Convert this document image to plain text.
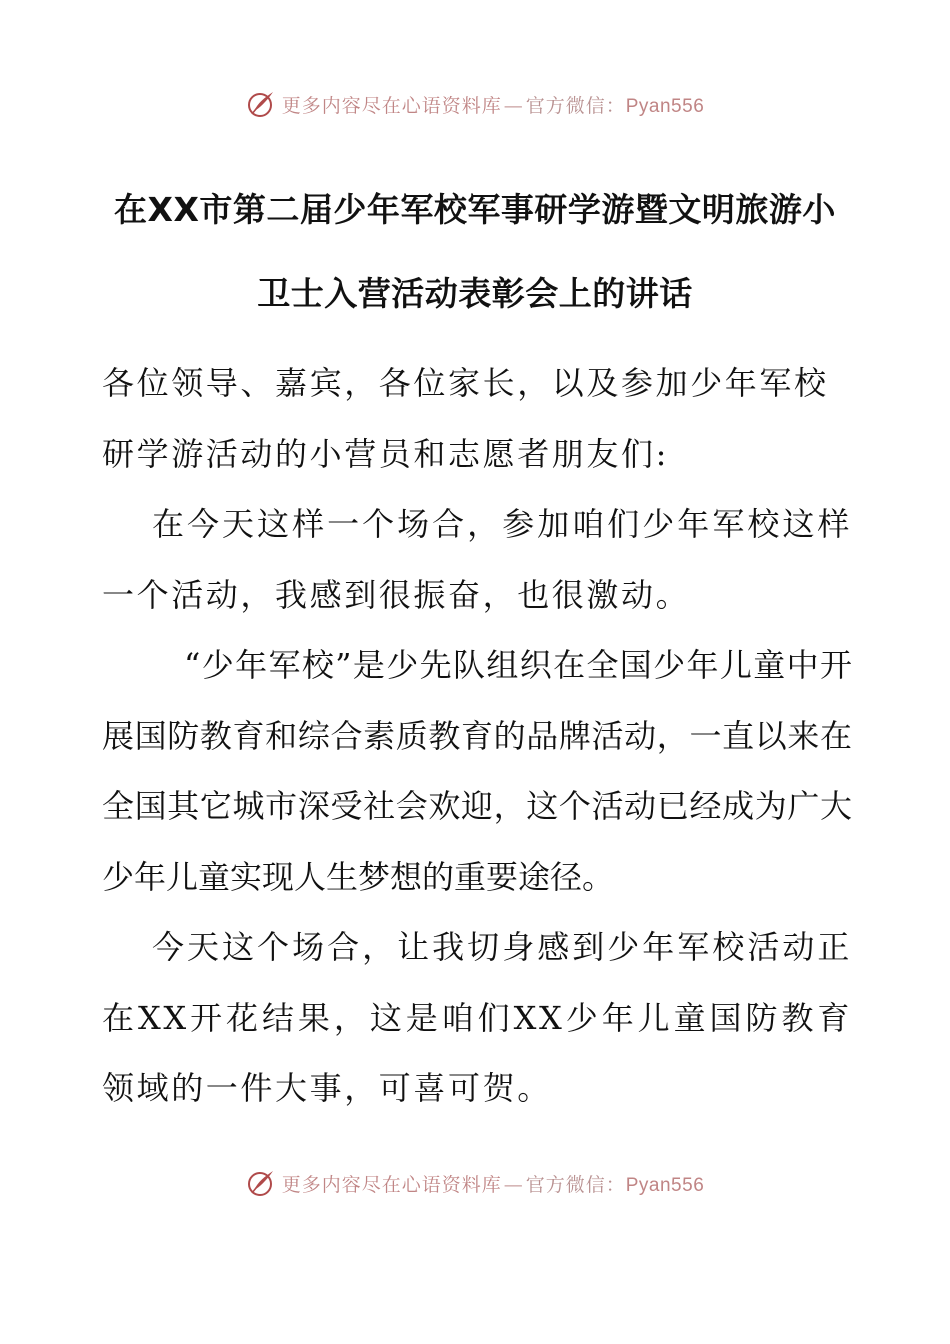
更多内容尽在心语资料库 — 官方微信：Pyan556
在XX市第二届少年军校军事研学游暨文明旅游小
卫士入营活动表彰会上的讲话

各位领导、嘉宾，各位家长，以及参加少年军校
研学游活动的小营员和志愿者朋友们:

在今天这样一个场合，参加咱们少年军校这样一个活动，我感到很振奋，也很激动。

“少年军校”是少先队组织在全国少年儿童中开展国防教育和综合素质教育的品牌活动，一直以来在全国其它城市深受社会欢迎，这个活动已经成为广大少年儿童实现人生梦想的重要途径。

今天这个场合，让我切身感到少年军校活动正在XX开花结果，这是咱们XX少年儿童国防教育领域的一件大事，可喜可贺。

更多内容尽在心语资料库 — 官方微信：Pyan556
